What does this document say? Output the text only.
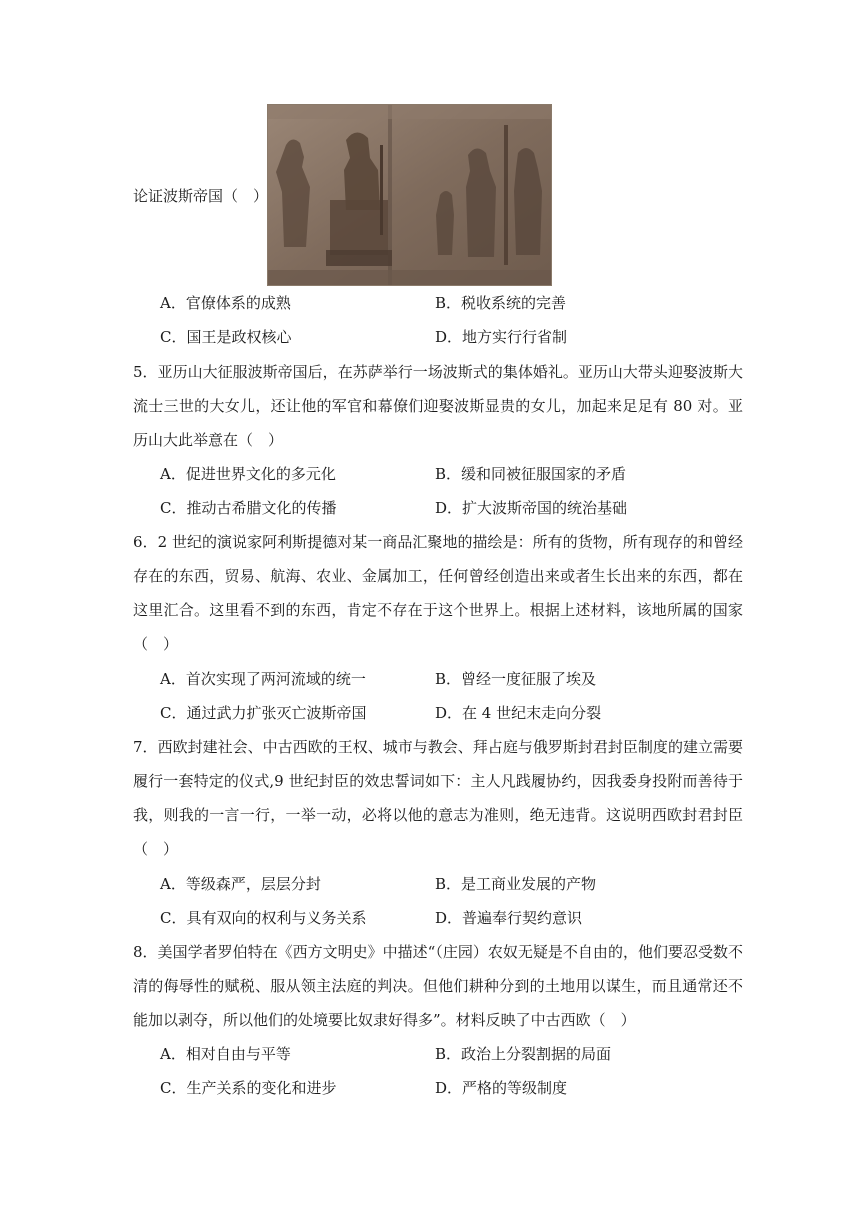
论证波斯帝国（　）
A．官僚体系的成熟	B．税收系统的完善
C．国王是政权核心	D．地方实行行省制

5．亚历山大征服波斯帝国后，在苏萨举行一场波斯式的集体婚礼。亚历山大带头迎娶波斯大流士三世的大女儿，还让他的军官和幕僚们迎娶波斯显贵的女儿，加起来足足有 80 对。亚历山大此举意在（　）

A．促进世界文化的多元化	B．缓和同被征服国家的矛盾
C．推动古希腊文化的传播	D．扩大波斯帝国的统治基础

6．2 世纪的演说家阿利斯提德对某一商品汇聚地的描绘是：所有的货物，所有现存的和曾经存在的东西，贸易、航海、农业、金属加工，任何曾经创造出来或者生长出来的东西，都在这里汇合。这里看不到的东西，肯定不存在于这个世界上。根据上述材料，该地所属的国家（　）

A．首次实现了两河流域的统一	B．曾经一度征服了埃及
C．通过武力扩张灭亡波斯帝国	D．在 4 世纪末走向分裂

7．西欧封建社会、中古西欧的王权、城市与教会、拜占庭与俄罗斯封君封臣制度的建立需要履行一套特定的仪式,9 世纪封臣的效忠誓词如下：主人凡践履协约，因我委身投附而善待于我，则我的一言一行，一举一动，必将以他的意志为准则，绝无违背。这说明西欧封君封臣（　）

A．等级森严，层层分封	B．是工商业发展的产物
C．具有双向的权利与义务关系	D．普遍奉行契约意识

8．美国学者罗伯特在《西方文明史》中描述“（庄园）农奴无疑是不自由的，他们要忍受数不清的侮辱性的赋税、服从领主法庭的判决。但他们耕种分到的土地用以谋生，而且通常还不能加以剥夺，所以他们的处境要比奴隶好得多”。材料反映了中古西欧（　）

A．相对自由与平等	B．政治上分裂割据的局面
C．生产关系的变化和进步	D．严格的等级制度
